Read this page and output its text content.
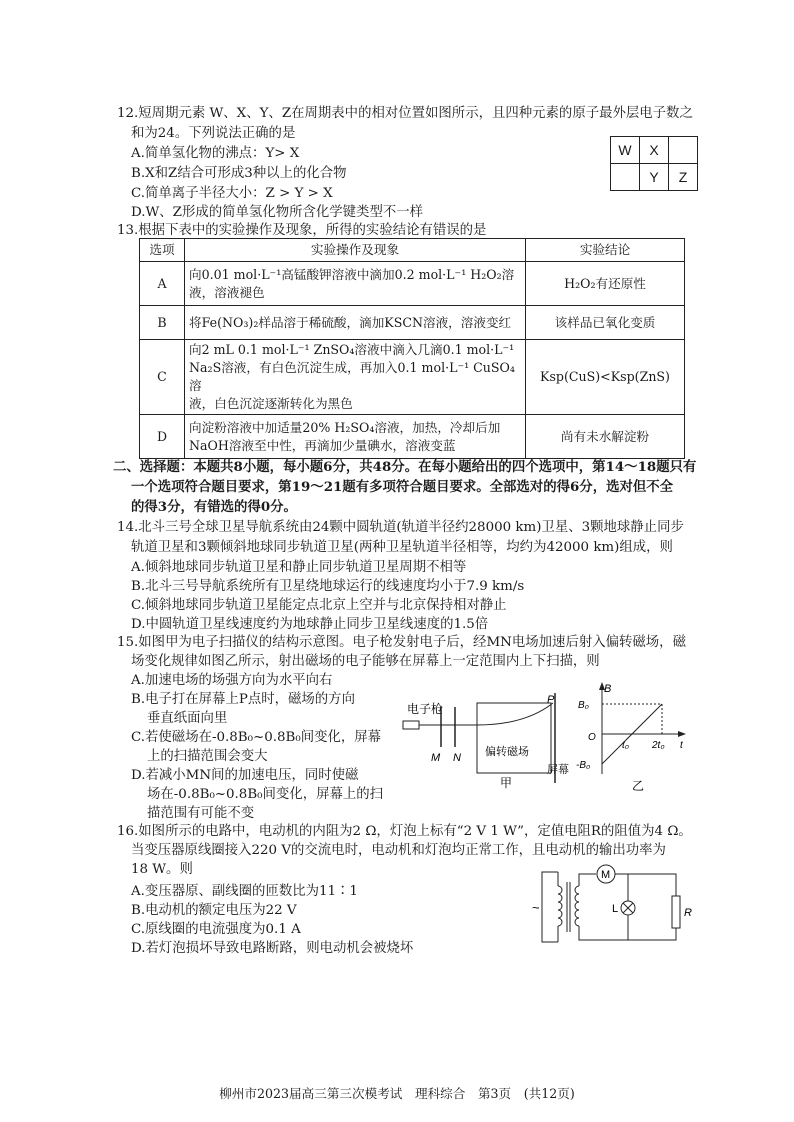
12.短周期元素 W、X、Y、Z在周期表中的相对位置如图所示，且四种元素的原子最外层电子数之
和为24。下列说法正确的是
A.简单氢化物的沸点：Y> X
B.X和Z结合可形成3种以上的化合物
C.简单离子半径大小：Z > Y > X
D.W、Z形成的简单氢化物所含化学键类型不一样
W	X	
	Y	Z
13.根据下表中的实验操作及现象，所得的实验结论有错误的是
选项	实验操作及现象	实验结论
A	向0.01 mol·L⁻¹高锰酸钾溶液中滴加0.2 mol·L⁻¹ H₂O₂溶
液，溶液褪色	H₂O₂有还原性
B	将Fe(NO₃)₂样品溶于稀硫酸，滴加KSCN溶液，溶液变红	该样品已氧化变质
C	向2 mL 0.1 mol·L⁻¹ ZnSO₄溶液中滴入几滴0.1 mol·L⁻¹
Na₂S溶液，有白色沉淀生成，再加入0.1 mol·L⁻¹ CuSO₄溶
液，白色沉淀逐渐转化为黑色	Ksp(CuS)<Ksp(ZnS)
D	向淀粉溶液中加适量20% H₂SO₄溶液，加热，冷却后加
NaOH溶液至中性，再滴加少量碘水，溶液变蓝	尚有未水解淀粉
二、选择题：本题共8小题，每小题6分，共48分。在每小题给出的四个选项中，第14～18题只有
一个选项符合题目要求，第19～21题有多项符合题目要求。全部选对的得6分，选对但不全
的得3分，有错选的得0分。
14.北斗三号全球卫星导航系统由24颗中圆轨道(轨道半径约28000 km)卫星、3颗地球静止同步
轨道卫星和3颗倾斜地球同步轨道卫星(两种卫星轨道半径相等，均约为42000 km)组成，则
A.倾斜地球同步轨道卫星和静止同步轨道卫星周期不相等
B.北斗三号导航系统所有卫星绕地球运行的线速度均小于7.9 km/s
C.倾斜地球同步轨道卫星能定点北京上空并与北京保持相对静止
D.中圆轨道卫星线速度约为地球静止同步卫星线速度的1.5倍
15.如图甲为电子扫描仪的结构示意图。电子枪发射电子后，经MN电场加速后射入偏转磁场，磁
场变化规律如图乙所示，射出磁场的电子能够在屏幕上一定范围内上下扫描，则
A.加速电场的场强方向为水平向右
B.电子打在屏幕上P点时，磁场的方向
垂直纸面向里
C.若使磁场在-0.8B₀~0.8B₀间变化，屏幕
上的扫描范围会变大
D.若减小MN间的加速电压，同时使磁
场在-0.8B₀~0.8B₀间变化，屏幕上的扫
描范围有可能不变
电子枪
M N 偏转磁场
P
屏幕
甲
B
B₀
O
t₀ 2t₀ t
-B₀
乙
16.如图所示的电路中，电动机的内阻为2 Ω，灯泡上标有“2 V 1 W”，定值电阻R的阻值为4 Ω。
当变压器原线圈接入220 V的交流电时，电动机和灯泡均正常工作，且电动机的输出功率为
18 W。则
A.变压器原、副线圈的匝数比为11∶1
B.电动机的额定电压为22 V
C.原线圈的电流强度为0.1 A
D.若灯泡损坏导致电路断路，则电动机会被烧坏
~
M
L	R
柳州市2023届高三第三次模考试　理科综合　第3页　(共12页)
